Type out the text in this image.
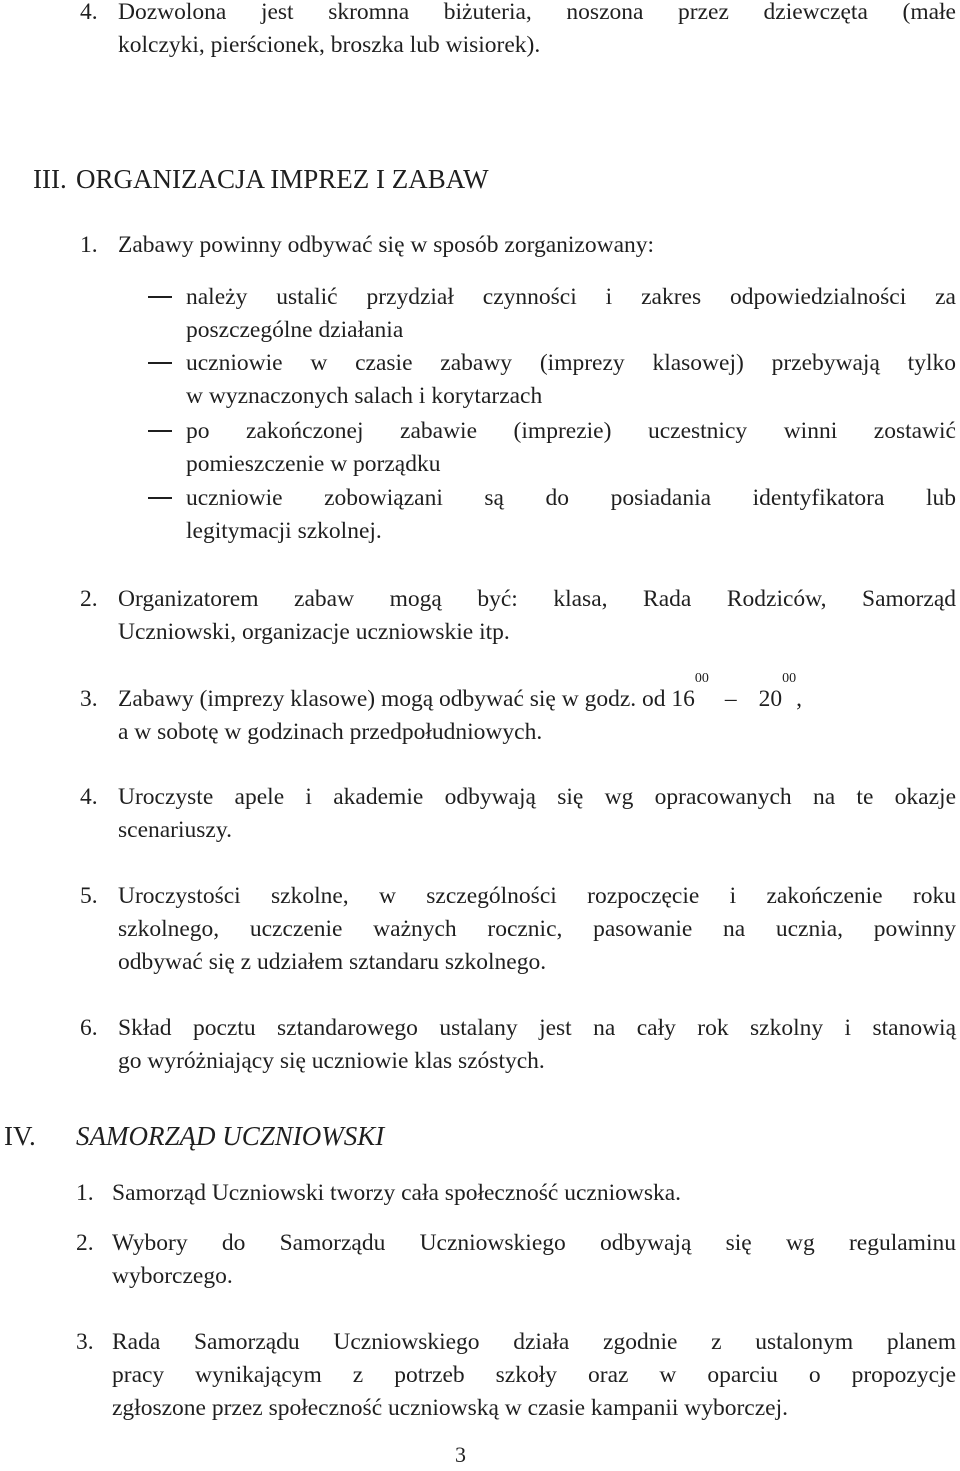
4. Dozwolona jest skromna biżuteria, noszona przez dziewczęta (małe
kolczyki, pierścionek, broszka lub wisiorek).
III. ORGANIZACJA IMPREZ I ZABAW
1. Zabawy powinny odbywać się w sposób zorganizowany:
należy ustalić przydział czynności i zakres odpowiedzialności za
poszczególne działania
uczniowie w czasie zabawy (imprezy klasowej) przebywają tylko
w wyznaczonych salach i korytarzach
po zakończonej zabawie (imprezie) uczestnicy winni zostawić
pomieszczenie w porządku
uczniowie zobowiązani są do posiadania identyfikatora lub
legitymacji szkolnej.
2. Organizatorem zabaw mogą być: klasa, Rada Rodziców, Samorząd
Uczniowski, organizacje uczniowskie itp.
3. Zabawy (imprezy klasowe) mogą odbywać się w godz. od $16^{00}-$ $20^{00}$,
a w sobotę w godzinach przedpołudniowych.
4. Uroczyste apele i akademie odbywają się wg opracowanych na te okazje
scenariuszy.
5. Uroczystości szkolne, w szczególności rozpoczęcie i zakończenie roku
szkolnego, uczczenie ważnych rocznic, pasowanie na ucznia, powinny
odbywać się z udziałem sztandaru szkolnego.
6. Skład pocztu sztandarowego ustalany jest na cały rok szkolny i stanowią
go wyróżniający się uczniowie klas szóstych.
IV. SAMORZĄD UCZNIOWSKI
1. Samorząd Uczniowski tworzy cała społeczność uczniowska.
2. Wybory do Samorządu Uczniowskiego odbywają się wg regulaminu
wyborczego.
3. Rada Samorządu Uczniowskiego działa zgodnie z ustalonym planem
pracy wynikającym z potrzeb szkoły oraz w oparciu o propozycje
zgłoszone przez społeczność uczniowską w czasie kampanii wyborczej.
3
